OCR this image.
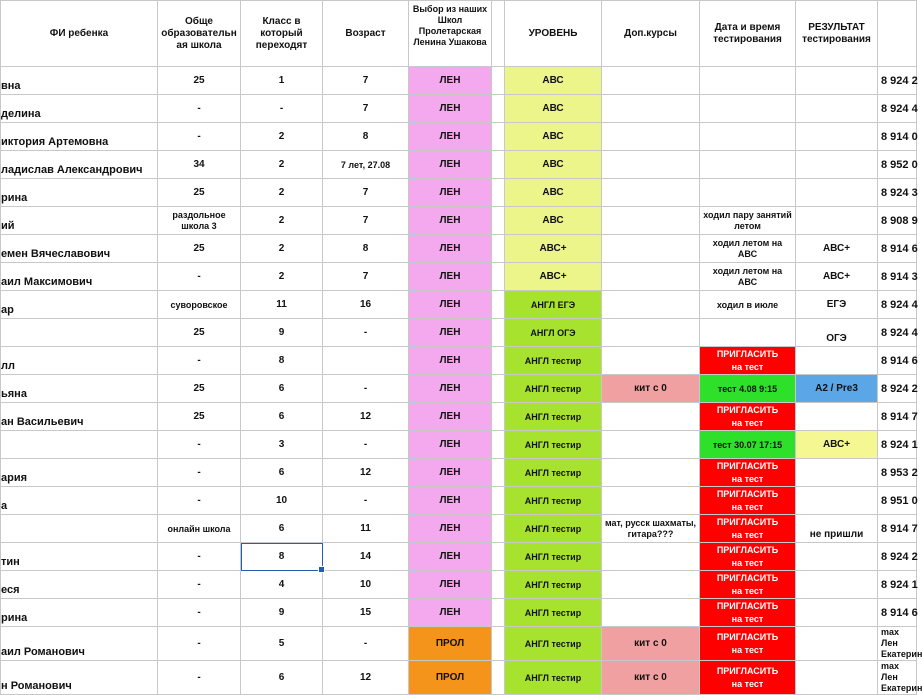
ФИ ребенка	Обще образовательн ая школа	Класс в который переходят	Возраст	Выбор из наших Школ Пролетарская Ленина Ушакова		УРОВЕНЬ	Доп.курсы	Дата и время тестирования	РЕЗУЛЬТАТ тестирования	
вна	25	1	7	ЛЕН		АВС				8 924 2
делина	-	-	7	ЛЕН		АВС				8 924 4
иктория Артемовна	-	2	8	ЛЕН		АВС				8 914 0
ладислав Александрович	34	2	7 лет, 27.08	ЛЕН		АВС				8 952 0
рина	25	2	7	ЛЕН		АВС				8 924 3
ий	раздольное школа 3	2	7	ЛЕН		АВС		ходил пару занятий летом		8 908 9
емен Вячеславович	25	2	8	ЛЕН		АВС+		ходил летом на АВС	АВС+	8 914 6
аил Максимович	-	2	7	ЛЕН		АВС+		ходил летом на АВС	АВС+	8 914 3
ар	суворовское	11	16	ЛЕН		АНГЛ ЕГЭ		ходил в июле	ЕГЭ	8 924 4
	25	9	-	ЛЕН		АНГЛ ОГЭ			ОГЭ	8 924 4
лл	-	8		ЛЕН		АНГЛ тестир		ПРИГЛАСИТЬ на тест		8 914 6
ьяна	25	6	-	ЛЕН		АНГЛ тестир	кит с 0	тест 4.08 9:15	A2 / Pre3	8 924 2
ан Васильевич	25	6	12	ЛЕН		АНГЛ тестир		ПРИГЛАСИТЬ на тест		8 914 7
	-	3	-	ЛЕН		АНГЛ тестир		тест 30.07 17:15	АВС+	8 924 1
ария	-	6	12	ЛЕН		АНГЛ тестир		ПРИГЛАСИТЬ на тест		8 953 2
а	-	10	-	ЛЕН		АНГЛ тестир		ПРИГЛАСИТЬ на тест		8 951 0
	онлайн школа	6	11	ЛЕН		АНГЛ тестир	мат, русск шахматы, гитара???	ПРИГЛАСИТЬ на тест	не пришли	8 914 7
тин	-	8	14	ЛЕН		АНГЛ тестир		ПРИГЛАСИТЬ на тест		8 924 2
еся	-	4	10	ЛЕН		АНГЛ тестир		ПРИГЛАСИТЬ на тест		8 924 1
рина	-	9	15	ЛЕН		АНГЛ тестир		ПРИГЛАСИТЬ на тест		8 914 6
аил Романович	-	5	-	ПРОЛ		АНГЛ тестир	кит с 0	ПРИГЛАСИТЬ на тест		max Лен Екатерин
н Романович	-	6	12	ПРОЛ		АНГЛ тестир	кит с 0	ПРИГЛАСИТЬ на тест		max Лен Екатерин
